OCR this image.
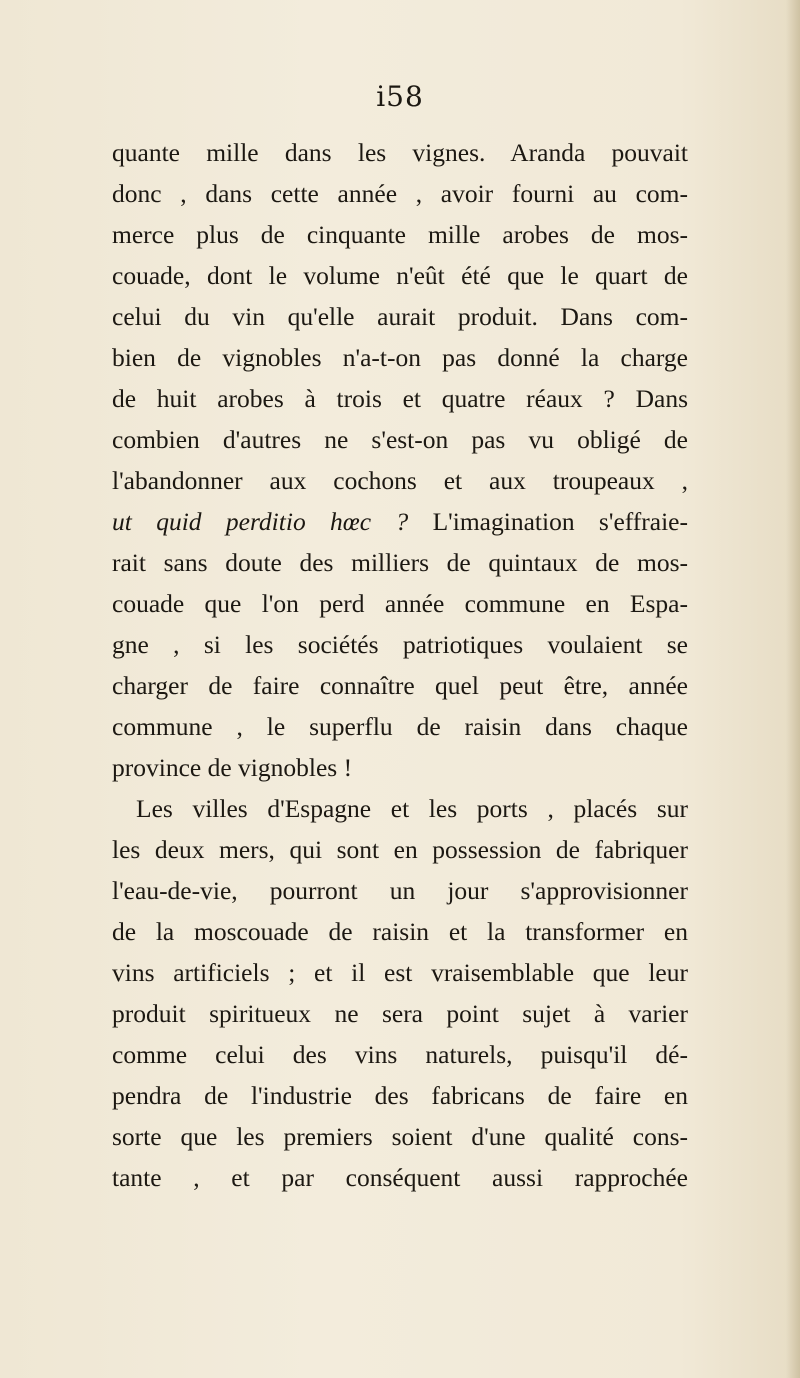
i58
quante mille dans les vignes. Aranda pouvait
donc , dans cette année , avoir fourni au com-
merce plus de cinquante mille arobes de mos-
couade, dont le volume n'eût été que le quart de
celui du vin qu'elle aurait produit. Dans com-
bien de vignobles n'a-t-on pas donné la charge
de huit arobes à trois et quatre réaux ? Dans
combien d'autres ne s'est-on pas vu obligé de
l'abandonner aux cochons et aux troupeaux ,
ut quid perditio hœc ? L'imagination s'effraie-
rait sans doute des milliers de quintaux de mos-
couade que l'on perd année commune en Espa-
gne , si les sociétés patriotiques voulaient se
charger de faire connaître quel peut être, année
commune , le superflu de raisin dans chaque
province de vignobles !
Les villes d'Espagne et les ports , placés sur
les deux mers, qui sont en possession de fabriquer
l'eau-de-vie, pourront un jour s'approvisionner
de la moscouade de raisin et la transformer en
vins artificiels ; et il est vraisemblable que leur
produit spiritueux ne sera point sujet à varier
comme celui des vins naturels, puisqu'il dé-
pendra de l'industrie des fabricans de faire en
sorte que les premiers soient d'une qualité cons-
tante , et par conséquent aussi rapprochée
